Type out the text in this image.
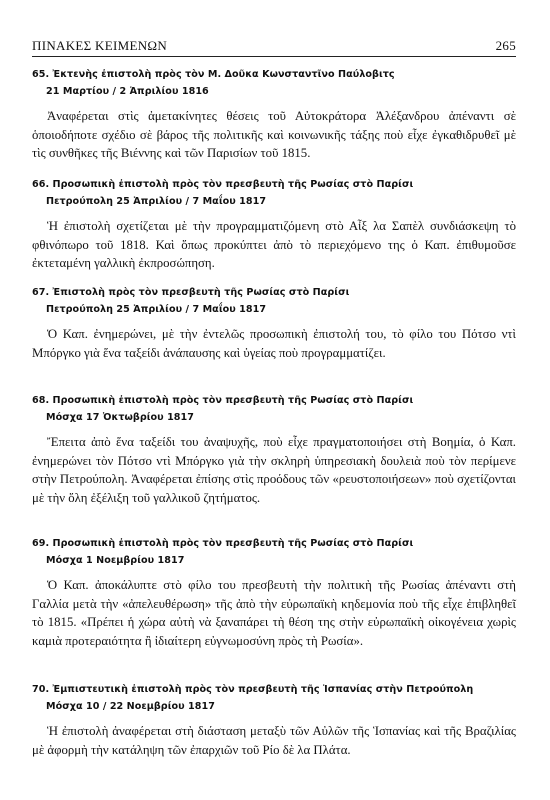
ΠΙΝΑΚΕΣ ΚΕΙΜΕΝΩΝ	265
65. Ἐκτενὴς ἐπιστολὴ πρὸς τὸν Μ. Δοῦκα Κωνσταντῖνο Παύλοβιτς
21 Μαρτίου / 2 Ἀπριλίου 1816
Ἀναφέρεται στὶς ἀμετακίνητες θέσεις τοῦ Αὐτοκράτορα Ἀλέξανδρου ἀπέναντι σὲ ὁποιοδήποτε σχέδιο σὲ βάρος τῆς πολιτικῆς καὶ κοινωνικῆς τάξης ποὺ εἶχε ἐγκαθιδρυθεῖ μὲ τὶς συνθῆκες τῆς Βιέννης καὶ τῶν Παρισίων τοῦ 1815.
66. Προσωπικὴ ἐπιστολὴ πρὸς τὸν πρεσβευτὴ τῆς Ρωσίας στὸ Παρίσι
Πετρούπολη 25 Ἀπριλίου / 7 Μαΐου 1817
Ἡ ἐπιστολὴ σχετίζεται μὲ τὴν προγραμματιζόμενη στὸ Αἶξ λα Σαπὲλ συνδιάσκεψη τὸ φθινόπωρο τοῦ 1818. Καὶ ὅπως προκύπτει ἀπὸ τὸ περιεχόμενο της ὁ Καπ. ἐπιθυμοῦσε ἐκτεταμένη γαλλικὴ ἐκπροσώπηση.
67. Ἐπιστολὴ πρὸς τὸν πρεσβευτὴ τῆς Ρωσίας στὸ Παρίσι
Πετρούπολη 25 Ἀπριλίου / 7 Μαΐου 1817
Ὁ Καπ. ἐνημερώνει, μὲ τὴν ἐντελῶς προσωπικὴ ἐπιστολή του, τὸ φίλο του Πότσο ντὶ Μπόργκο γιὰ ἕνα ταξείδι ἀνάπαυσης καὶ ὑγείας ποὺ προγραμματίζει.
68. Προσωπικὴ ἐπιστολὴ πρὸς τὸν πρεσβευτὴ τῆς Ρωσίας στὸ Παρίσι
Μόσχα 17 Ὀκτωβρίου 1817
Ἔπειτα ἀπὸ ἕνα ταξείδι του ἀναψυχῆς, ποὺ εἶχε πραγματοποιήσει στὴ Βοημία, ὁ Καπ. ἐνημερώνει τὸν Πότσο ντὶ Μπόργκο γιὰ τὴν σκληρὴ ὑπηρεσιακὴ δουλειὰ ποὺ τὸν περίμενε στὴν Πετρούπολη. Ἀναφέρεται ἐπίσης στὶς προόδους τῶν «ρευστοποιήσεων» ποὺ σχετίζονται μὲ τὴν ὅλη ἐξέλιξη τοῦ γαλλικοῦ ζητήματος.
69. Προσωπικὴ ἐπιστολὴ πρὸς τὸν πρεσβευτὴ τῆς Ρωσίας στὸ Παρίσι
Μόσχα 1 Νοεμβρίου 1817
Ὁ Καπ. ἀποκάλυπτε στὸ φίλο του πρεσβευτὴ τὴν πολιτικὴ τῆς Ρωσίας ἀπέναντι στὴ Γαλλία μετὰ τὴν «ἀπελευθέρωση» τῆς ἀπὸ τὴν εὐρωπαϊκὴ κηδεμονία ποὺ τῆς εἶχε ἐπιβληθεῖ τὸ 1815. «Πρέπει ἡ χώρα αὐτὴ νὰ ξαναπάρει τὴ θέση της στὴν εὐρωπαϊκὴ οἰκογένεια χωρὶς καμιὰ προτεραιότητα ἢ ἰδιαίτερη εὐγνωμοσύνη πρὸς τὴ Ρωσία».
70. Ἐμπιστευτικὴ ἐπιστολὴ πρὸς τὸν πρεσβευτὴ τῆς Ἱσπανίας στὴν Πετρούπολη
Μόσχα 10 / 22 Νοεμβρίου 1817
Ἡ ἐπιστολὴ ἀναφέρεται στὴ διάσταση μεταξὺ τῶν Αὐλῶν τῆς Ἱσπανίας καὶ τῆς Βραζιλίας μὲ ἀφορμὴ τὴν κατάληψη τῶν ἐπαρχιῶν τοῦ Ρίο δὲ λα Πλάτα.
